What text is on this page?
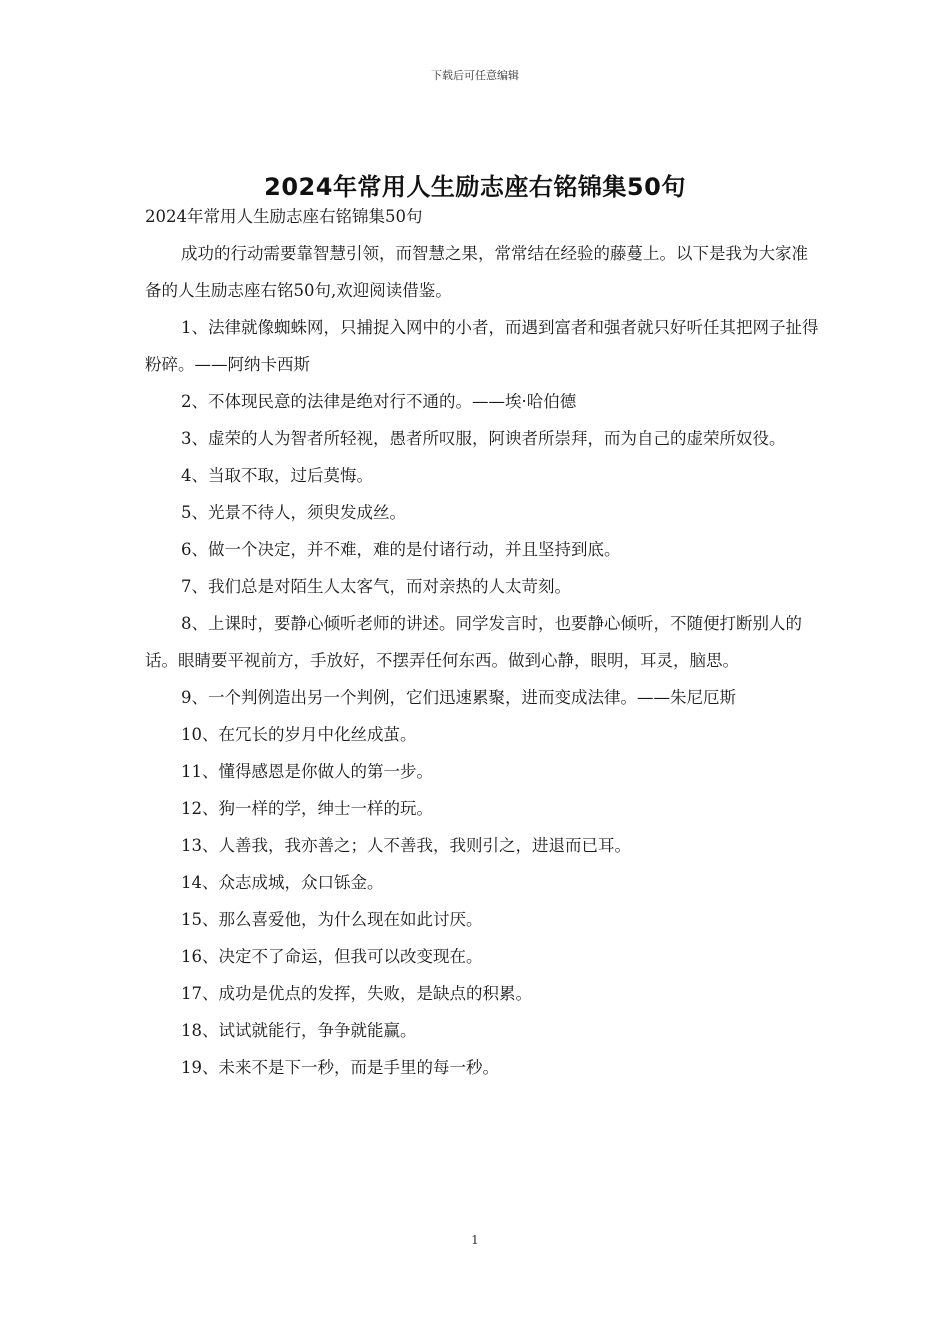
下载后可任意编辑
2024年常用人生励志座右铭锦集50句

2024年常用人生励志座右铭锦集50句

成功的行动需要靠智慧引领，而智慧之果，常常结在经验的藤蔓上。以下是我为大家准备的人生励志座右铭50句,欢迎阅读借鉴。

1、法律就像蜘蛛网，只捕捉入网中的小者，而遇到富者和强者就只好听任其把网子扯得粉碎。——阿纳卡西斯

2、不体现民意的法律是绝对行不通的。——埃·哈伯德

3、虚荣的人为智者所轻视，愚者所叹服，阿谀者所崇拜，而为自己的虚荣所奴役。

4、当取不取，过后莫悔。

5、光景不待人，须臾发成丝。

6、做一个决定，并不难，难的是付诸行动，并且坚持到底。

7、我们总是对陌生人太客气，而对亲热的人太苛刻。

8、上课时，要静心倾听老师的讲述。同学发言时，也要静心倾听，不随便打断别人的话。眼睛要平视前方，手放好，不摆弄任何东西。做到心静，眼明，耳灵，脑思。

9、一个判例造出另一个判例，它们迅速累聚，进而变成法律。——朱尼厄斯

10、在冗长的岁月中化丝成茧。

11、懂得感恩是你做人的第一步。

12、狗一样的学，绅士一样的玩。

13、人善我，我亦善之；人不善我，我则引之，进退而已耳。

14、众志成城，众口铄金。

15、那么喜爱他，为什么现在如此讨厌。

16、决定不了命运，但我可以改变现在。

17、成功是优点的发挥，失败，是缺点的积累。

18、试试就能行，争争就能赢。

19、未来不是下一秒，而是手里的每一秒。

1
